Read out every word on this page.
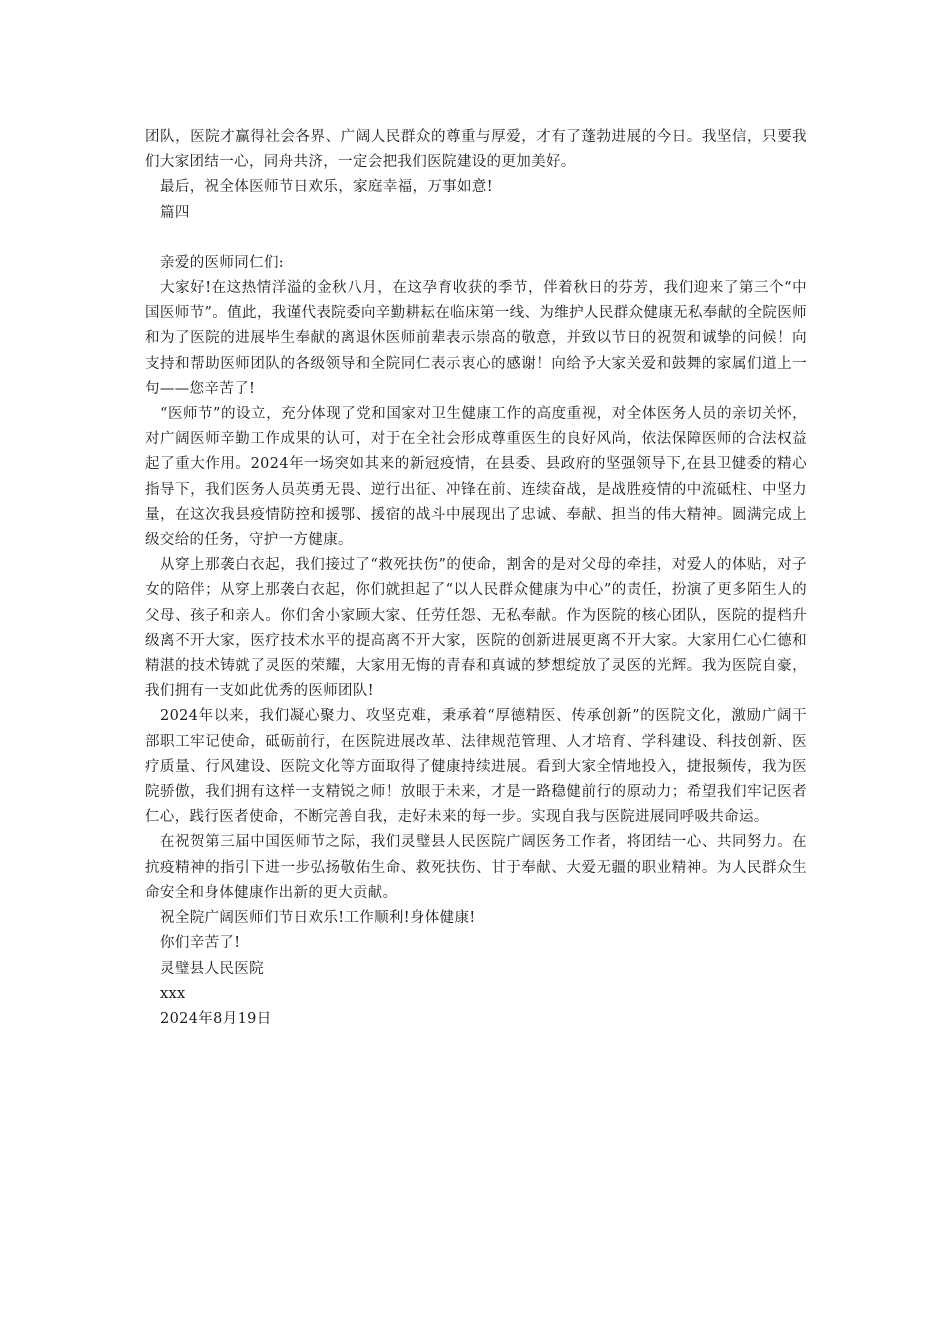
团队，医院才赢得社会各界、广阔人民群众的尊重与厚爱，才有了蓬勃进展的今日。我坚信，只要我们大家团结一心，同舟共济，一定会把我们医院建设的更加美好。

最后，祝全体医师节日欢乐，家庭幸福，万事如意!

篇四

亲爱的医师同仁们:

大家好!在这热情洋溢的金秋八月，在这孕育收获的季节，伴着秋日的芬芳，我们迎来了第三个“中国医师节”。值此，我谨代表院委向辛勤耕耘在临床第一线、为维护人民群众健康无私奉献的全院医师和为了医院的进展毕生奉献的离退休医师前辈表示崇高的敬意，并致以节日的祝贺和诚挚的问候！向支持和帮助医师团队的各级领导和全院同仁表示衷心的感谢！向给予大家关爱和鼓舞的家属们道上一句——您辛苦了!

“医师节”的设立，充分体现了党和国家对卫生健康工作的高度重视，对全体医务人员的亲切关怀，对广阔医师辛勤工作成果的认可，对于在全社会形成尊重医生的良好风尚，依法保障医师的合法权益起了重大作用。2024年一场突如其来的新冠疫情，在县委、县政府的坚强领导下,在县卫健委的精心指导下，我们医务人员英勇无畏、逆行出征、冲锋在前、连续奋战，是战胜疫情的中流砥柱、中坚力量，在这次我县疫情防控和援鄂、援宿的战斗中展现出了忠诚、奉献、担当的伟大精神。圆满完成上级交给的任务，守护一方健康。

从穿上那袭白衣起，我们接过了“救死扶伤”的使命，割舍的是对父母的牵挂，对爱人的体贴，对子女的陪伴；从穿上那袭白衣起，你们就担起了“以人民群众健康为中心”的责任，扮演了更多陌生人的父母、孩子和亲人。你们舍小家顾大家、任劳任怨、无私奉献。作为医院的核心团队，医院的提档升级离不开大家，医疗技术水平的提高离不开大家，医院的创新进展更离不开大家。大家用仁心仁德和精湛的技术铸就了灵医的荣耀，大家用无悔的青春和真诚的梦想绽放了灵医的光辉。我为医院自豪，我们拥有一支如此优秀的医师团队!

2024年以来，我们凝心聚力、攻坚克难，秉承着“厚德精医、传承创新”的医院文化，激励广阔干部职工牢记使命，砥砺前行，在医院进展改革、法律规范管理、人才培育、学科建设、科技创新、医疗质量、行风建设、医院文化等方面取得了健康持续进展。看到大家全情地投入，捷报频传，我为医院骄傲，我们拥有这样一支精锐之师！放眼于未来，才是一路稳健前行的原动力；希望我们牢记医者仁心，践行医者使命，不断完善自我，走好未来的每一步。实现自我与医院进展同呼吸共命运。

在祝贺第三届中国医师节之际，我们灵璧县人民医院广阔医务工作者，将团结一心、共同努力。在抗疫精神的指引下进一步弘扬敬佑生命、救死扶伤、甘于奉献、大爱无疆的职业精神。为人民群众生命安全和身体健康作出新的更大贡献。

祝全院广阔医师们节日欢乐!工作顺利!身体健康!

你们辛苦了!

灵璧县人民医院

xxx

2024年8月19日
